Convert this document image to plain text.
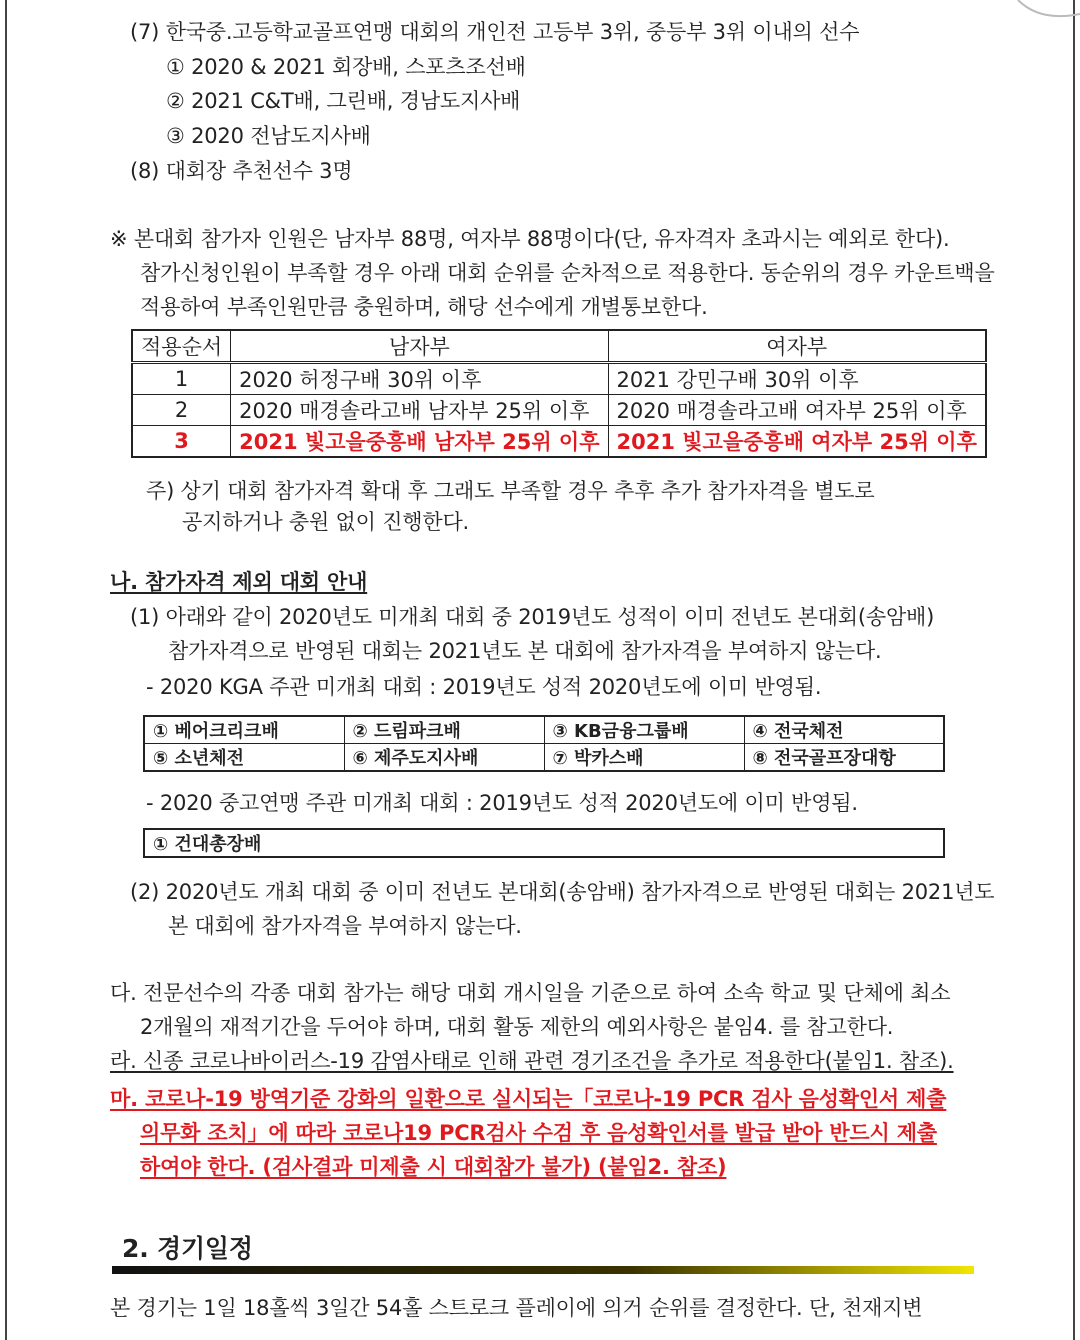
(7) 한국중.고등학교골프연맹 대회의 개인전 고등부 3위, 중등부 3위 이내의 선수
① 2020 & 2021 회장배, 스포츠조선배
② 2021 C&T배, 그린배, 경남도지사배
③ 2020 전남도지사배
(8) 대회장 추천선수 3명
※ 본대회 참가자 인원은 남자부 88명, 여자부 88명이다(단, 유자격자 초과시는 예외로 한다).
참가신청인원이 부족할 경우 아래 대회 순위를 순차적으로 적용한다. 동순위의 경우 카운트백을
적용하여 부족인원만큼 충원하며, 해당 선수에게 개별통보한다.
적용순서	남자부	여자부
1	2020 허정구배 30위 이후	2021 강민구배 30위 이후
2	2020 매경솔라고배 남자부 25위 이후	2020 매경솔라고배 여자부 25위 이후
3	2021 빛고을중흥배 남자부 25위 이후	2021 빛고을중흥배 여자부 25위 이후
주) 상기 대회 참가자격 확대 후 그래도 부족할 경우 추후 추가 참가자격을 별도로
공지하거나 충원 없이 진행한다.
나. 참가자격 제외 대회 안내
(1) 아래와 같이 2020년도 미개최 대회 중 2019년도 성적이 이미 전년도 본대회(송암배)
참가자격으로 반영된 대회는 2021년도 본 대회에 참가자격을 부여하지 않는다.
- 2020 KGA 주관 미개최 대회 : 2019년도 성적 2020년도에 이미 반영됨.
① 베어크리크배	② 드림파크배	③ KB금융그룹배	④ 전국체전
⑤ 소년체전	⑥ 제주도지사배	⑦ 박카스배	⑧ 전국골프장대항
- 2020 중고연맹 주관 미개최 대회 : 2019년도 성적 2020년도에 이미 반영됨.
① 건대총장배
(2) 2020년도 개최 대회 중 이미 전년도 본대회(송암배) 참가자격으로 반영된 대회는 2021년도
본 대회에 참가자격을 부여하지 않는다.
다. 전문선수의 각종 대회 참가는 해당 대회 개시일을 기준으로 하여 소속 학교 및 단체에 최소
2개월의 재적기간을 두어야 하며, 대회 활동 제한의 예외사항은 붙임4. 를 참고한다.
라. 신종 코로나바이러스-19 감염사태로 인해 관련 경기조건을 추가로 적용한다(붙임1. 참조).
마. 코로나-19 방역기준 강화의 일환으로 실시되는「코로나-19 PCR 검사 음성확인서 제출
의무화 조치」에 따라 코로나19 PCR검사 수검 후 음성확인서를 발급 받아 반드시 제출
하여야 한다. (검사결과 미제출 시 대회참가 불가) (붙임2. 참조)
2. 경기일정
본 경기는 1일 18홀씩 3일간 54홀 스트로크 플레이에 의거 순위를 결정한다. 단, 천재지변
